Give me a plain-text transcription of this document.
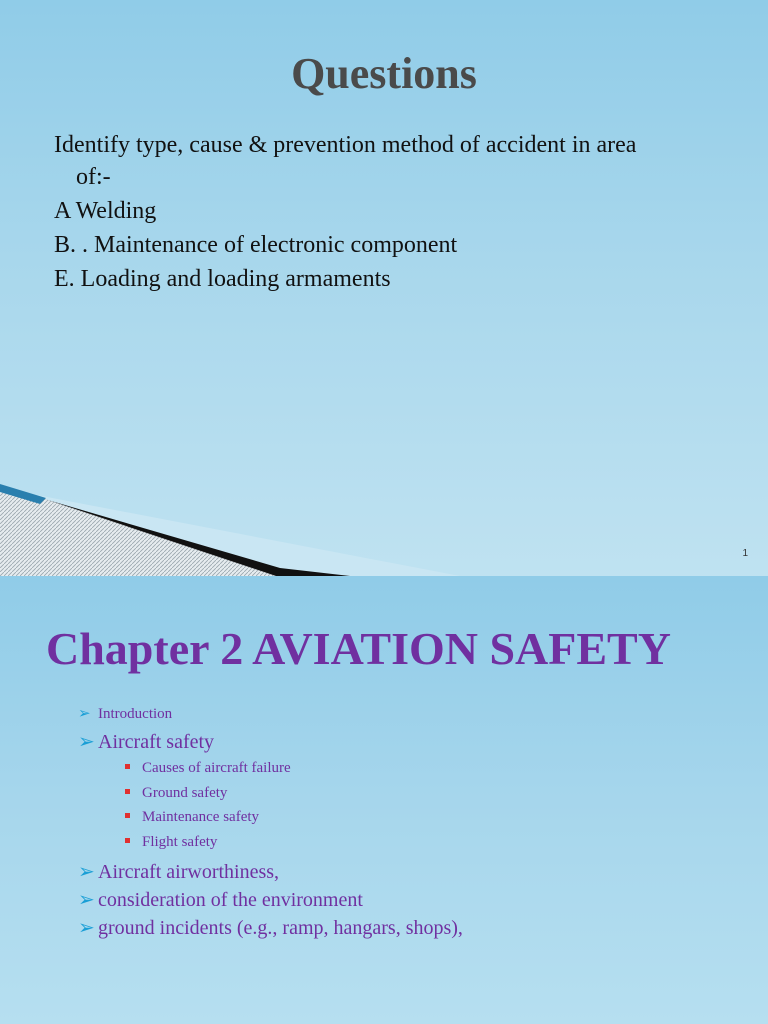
Questions
Identify type, cause & prevention method of accident in area
of:-
A Welding
B. . Maintenance of electronic component
E. Loading and loading armaments
1
Chapter 2 AVIATION SAFETY
➢ Introduction
➢ Aircraft safety
Causes of aircraft failure
Ground safety
Maintenance safety
Flight safety
➢ Aircraft airworthiness,
➢ consideration of the environment
➢ ground incidents (e.g., ramp, hangars, shops),
